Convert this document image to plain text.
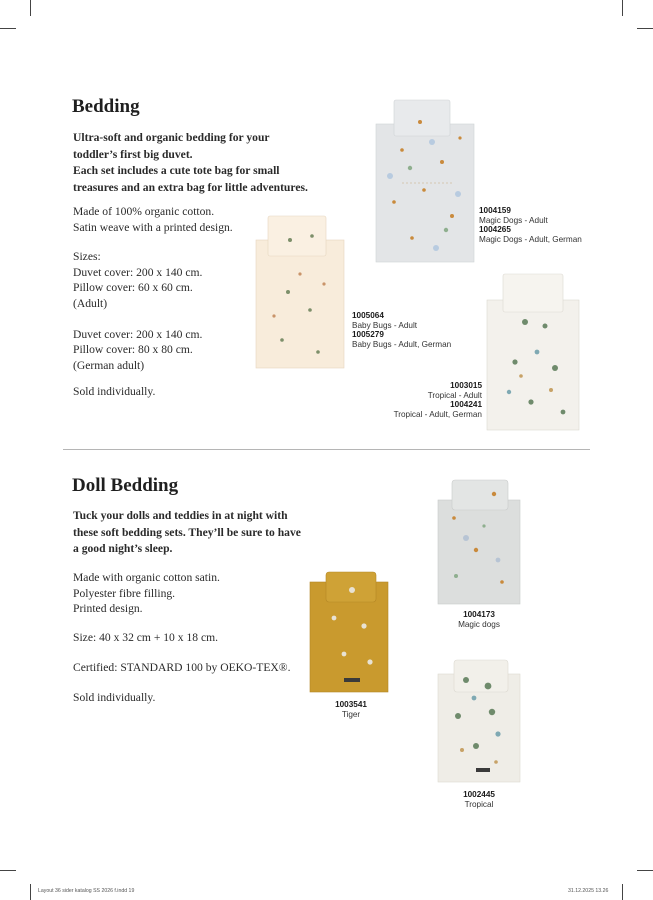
Bedding
Ultra-soft and organic bedding for your
toddler’s first big duvet.
Each set includes a cute tote bag for small
treasures and an extra bag for little adventures.
Made of 100% organic cotton.
Satin weave with a printed design.
Sizes:
Duvet cover: 200 x 140 cm.
Pillow cover: 60 x 60 cm.
(Adult)
Duvet cover: 200 x 140 cm.
Pillow cover: 80 x 80 cm.
(German adult)
Sold individually.
1004159
Magic Dogs - Adult
1004265
Magic Dogs - Adult, German
1005064
Baby Bugs - Adult
1005279
Baby Bugs - Adult, German
1003015
Tropical - Adult
1004241
Tropical - Adult, German
Doll Bedding
Tuck your dolls and teddies in at night with
these soft bedding sets. They’ll be sure to have
a good night’s sleep.
Made with organic cotton satin.
Polyester fibre filling.
Printed design.
Size: 40 x 32 cm + 10 x 18 cm.
Certified: STANDARD 100 by OEKO-TEX®.
Sold individually.
1004173
Magic dogs
1003541
Tiger
1002445
Tropical
Layout 36 sider katalog SS 2026 f.indd 19	31.12.2025 13.26
